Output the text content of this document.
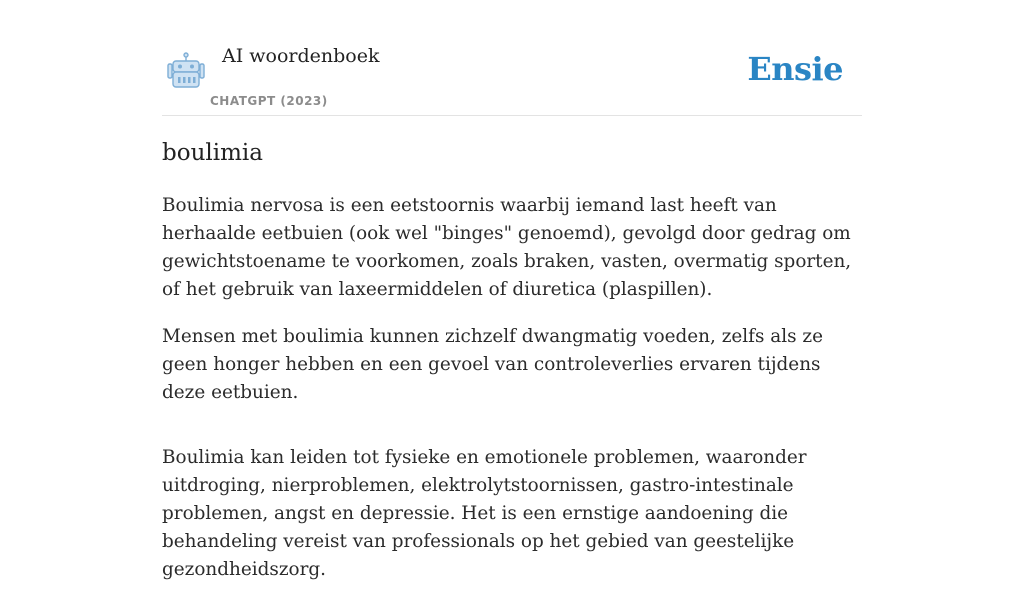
AI woordenboek
CHATGPT (2023)
Ensie
boulimia

Boulimia nervosa is een eetstoornis waarbij iemand last heeft van herhaalde eetbuien (ook wel "binges" genoemd), gevolgd door gedrag om gewichtstoename te voorkomen, zoals braken, vasten, overmatig sporten, of het gebruik van laxeermiddelen of diuretica (plaspillen).

Mensen met boulimia kunnen zichzelf dwangmatig voeden, zelfs als ze geen honger hebben en een gevoel van controleverlies ervaren tijdens deze eetbuien.

Boulimia kan leiden tot fysieke en emotionele problemen, waaronder uitdroging, nierproblemen, elektrolytstoornissen, gastro-intestinale problemen, angst en depressie. Het is een ernstige aandoening die behandeling vereist van professionals op het gebied van geestelijke gezondheidszorg.
